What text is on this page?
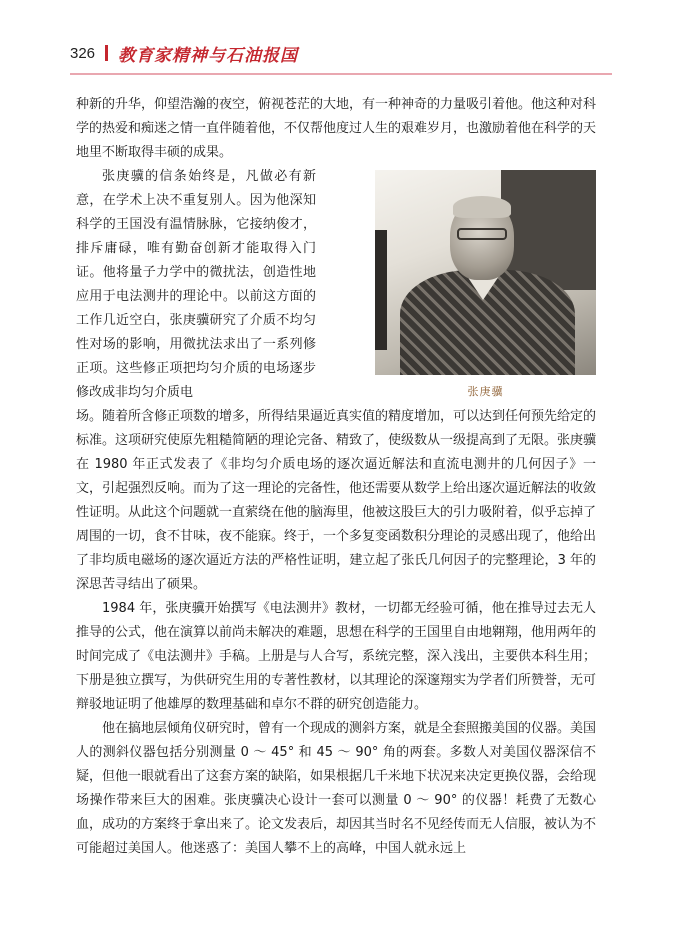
326 教育家精神与石油报国

种新的升华，仰望浩瀚的夜空，俯视苍茫的大地，有一种神奇的力量吸引着他。他这种对科学的热爱和痴迷之情一直伴随着他，不仅帮他度过人生的艰难岁月，也激励着他在科学的天地里不断取得丰硕的成果。

张庚骥的信条始终是，凡做必有新意，在学术上决不重复别人。因为他深知科学的王国没有温情脉脉，它接纳俊才，排斥庸碌，唯有勤奋创新才能取得入门证。他将量子力学中的微扰法，创造性地应用于电法测井的理论中。以前这方面的工作几近空白，张庚骥研究了介质不均匀性对场的影响，用微扰法求出了一系列修正项。这些修正项把均匀介质的电场逐步修改成非均匀介质电	张庚骥

场。随着所含修正项数的增多，所得结果逼近真实值的精度增加，可以达到任何预先给定的标准。这项研究使原先粗糙简陋的理论完备、精致了，使级数从一级提高到了无限。张庚骥在 1980 年正式发表了《非均匀介质电场的逐次逼近解法和直流电测井的几何因子》一文，引起强烈反响。而为了这一理论的完备性，他还需要从数学上给出逐次逼近解法的收敛性证明。从此这个问题就一直萦绕在他的脑海里，他被这股巨大的引力吸附着，似乎忘掉了周围的一切，食不甘味，夜不能寐。终于，一个多复变函数积分理论的灵感出现了，他给出了非均质电磁场的逐次逼近方法的严格性证明，建立起了张氏几何因子的完整理论，3 年的深思苦寻结出了硕果。

1984 年，张庚骥开始撰写《电法测井》教材，一切都无经验可循，他在推导过去无人推导的公式，他在演算以前尚未解决的难题，思想在科学的王国里自由地翱翔，他用两年的时间完成了《电法测井》手稿。上册是与人合写，系统完整，深入浅出，主要供本科生用；下册是独立撰写，为供研究生用的专著性教材，以其理论的深邃翔实为学者们所赞誉，无可辩驳地证明了他雄厚的数理基础和卓尔不群的研究创造能力。

他在搞地层倾角仪研究时，曾有一个现成的测斜方案，就是全套照搬美国的仪器。美国人的测斜仪器包括分别测量 0 ～ 45° 和 45 ～ 90° 角的两套。多数人对美国仪器深信不疑，但他一眼就看出了这套方案的缺陷，如果根据几千米地下状况来决定更换仪器，会给现场操作带来巨大的困难。张庚骥决心设计一套可以测量 0 ～ 90° 的仪器！耗费了无数心血，成功的方案终于拿出来了。论文发表后，却因其当时名不见经传而无人信服，被认为不可能超过美国人。他迷惑了：美国人攀不上的高峰，中国人就永远上
